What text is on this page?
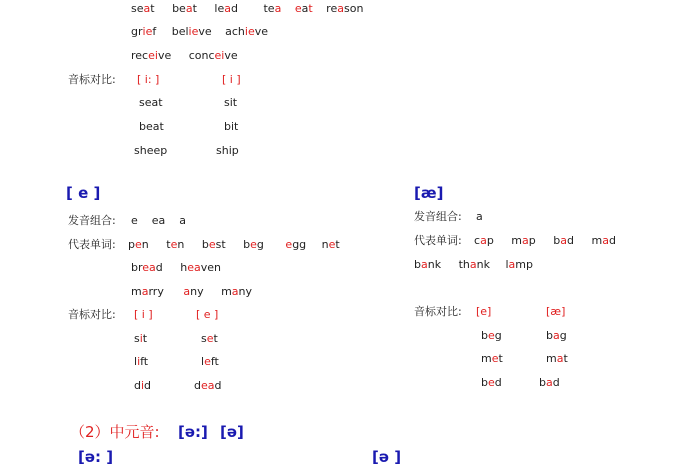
seat beat lead tea eat reason
grief believe achieve
receive conceive
音标对比: [ i: ]	[ i ]
seat	sit
beat	bit
sheep	ship
[ e ]
发音组合: e    ea    a
代表单词: pen ten best beg egg net
bread heaven
marry any many
音标对比: [ i ]	[ e ]
sit	set
lift	left
did	dead
（2）中元音: [ə:] [ə]
[ə: ]	[ə ]
[æ]
发音组合: a
代表单词: cap map bad mad
bank thank lamp
音标对比: [e]	[æ]
beg	bag
met	mat
bed	bad
